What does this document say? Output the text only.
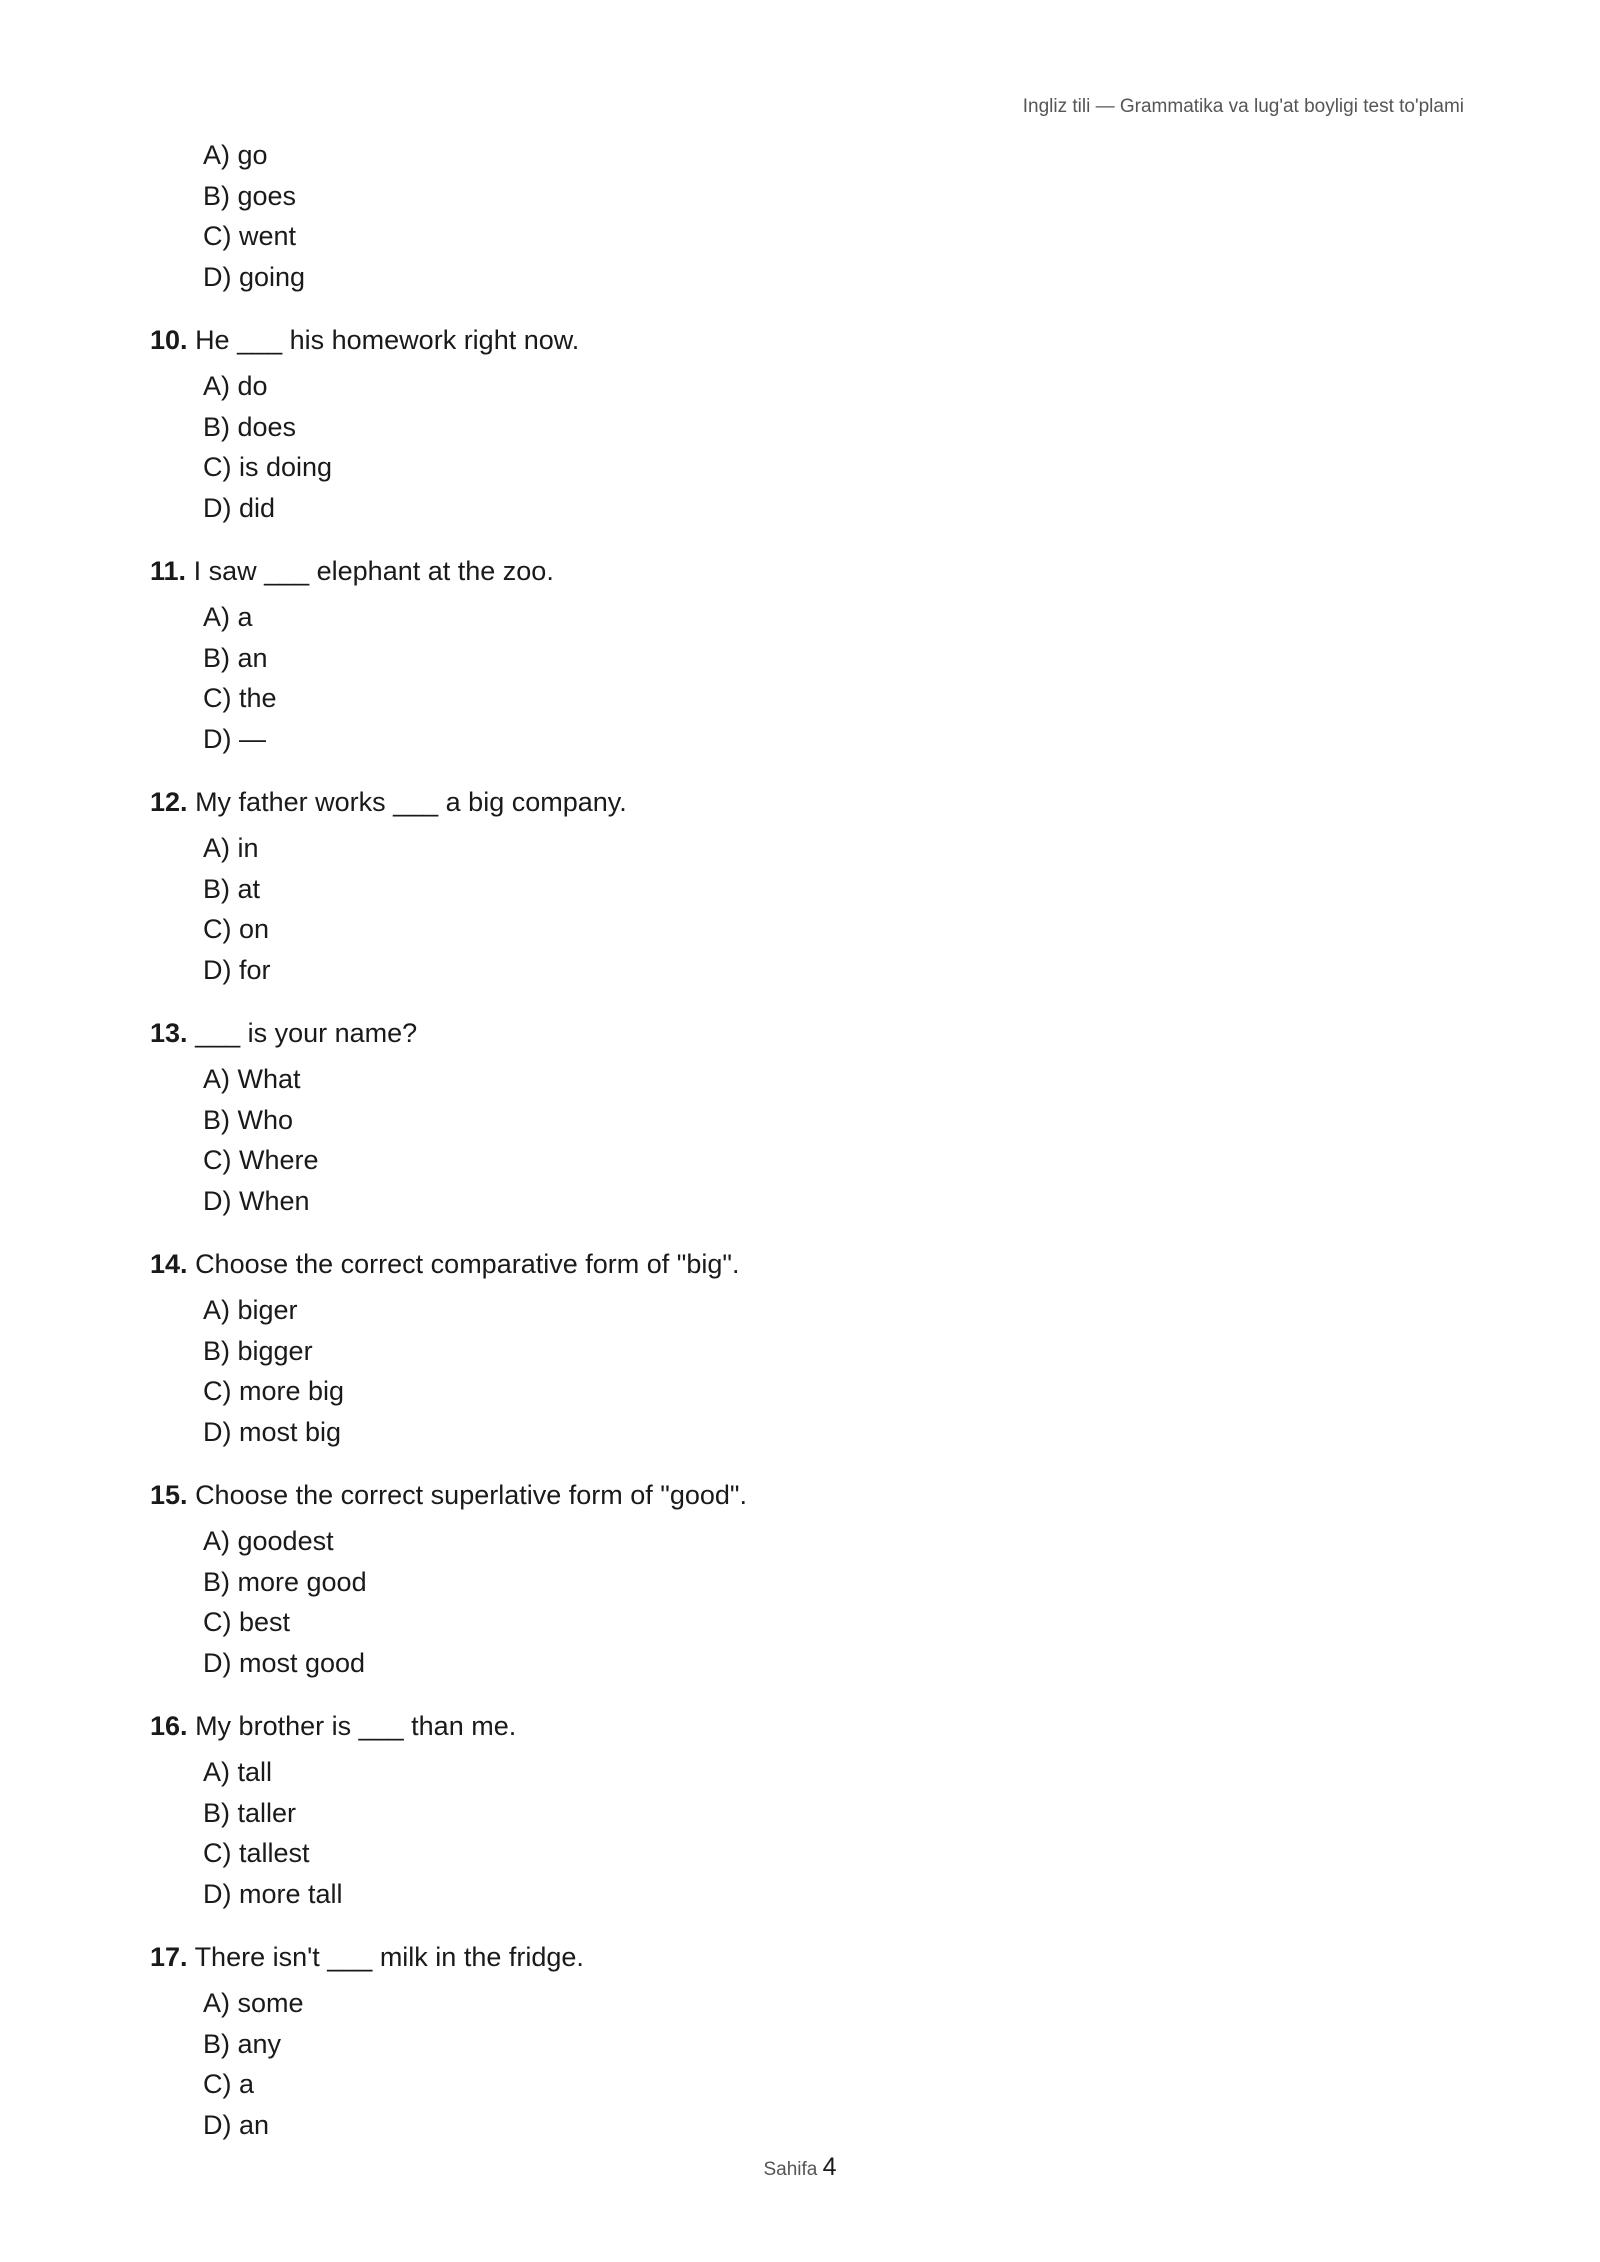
Ingliz tili — Grammatika va lug'at boyligi test to'plami
A) go
B) goes
C) went
D) going
10. He ___ his homework right now.
A) do
B) does
C) is doing
D) did
11. I saw ___ elephant at the zoo.
A) a
B) an
C) the
D) —
12. My father works ___ a big company.
A) in
B) at
C) on
D) for
13. ___ is your name?
A) What
B) Who
C) Where
D) When
14. Choose the correct comparative form of "big".
A) biger
B) bigger
C) more big
D) most big
15. Choose the correct superlative form of "good".
A) goodest
B) more good
C) best
D) most good
16. My brother is ___ than me.
A) tall
B) taller
C) tallest
D) more tall
17. There isn't ___ milk in the fridge.
A) some
B) any
C) a
D) an
Sahifa 4
